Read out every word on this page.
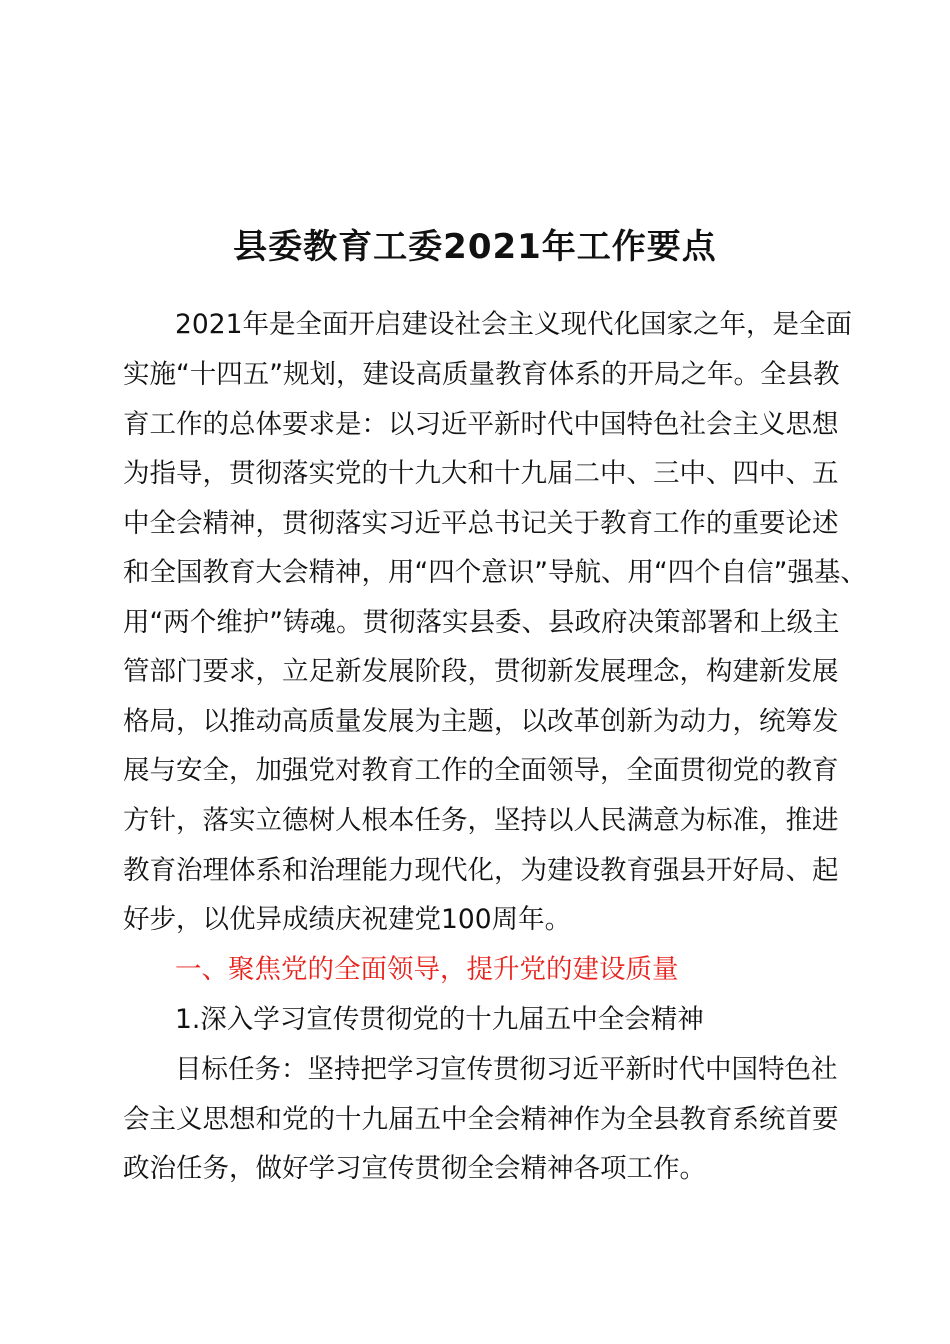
县委教育工委2021年工作要点
2021年是全面开启建设社会主义现代化国家之年，是全面
实施“十四五”规划，建设高质量教育体系的开局之年。全县教
育工作的总体要求是：以习近平新时代中国特色社会主义思想
为指导，贯彻落实党的十九大和十九届二中、三中、四中、五
中全会精神，贯彻落实习近平总书记关于教育工作的重要论述
和全国教育大会精神，用“四个意识”导航、用“四个自信”强基、
用“两个维护”铸魂。贯彻落实县委、县政府决策部署和上级主
管部门要求，立足新发展阶段，贯彻新发展理念，构建新发展
格局，以推动高质量发展为主题，以改革创新为动力，统筹发
展与安全，加强党对教育工作的全面领导，全面贯彻党的教育
方针，落实立德树人根本任务，坚持以人民满意为标准，推进
教育治理体系和治理能力现代化，为建设教育强县开好局、起
好步，以优异成绩庆祝建党100周年。
一、聚焦党的全面领导，提升党的建设质量
1.深入学习宣传贯彻党的十九届五中全会精神
目标任务：坚持把学习宣传贯彻习近平新时代中国特色社
会主义思想和党的十九届五中全会精神作为全县教育系统首要
政治任务，做好学习宣传贯彻全会精神各项工作。
